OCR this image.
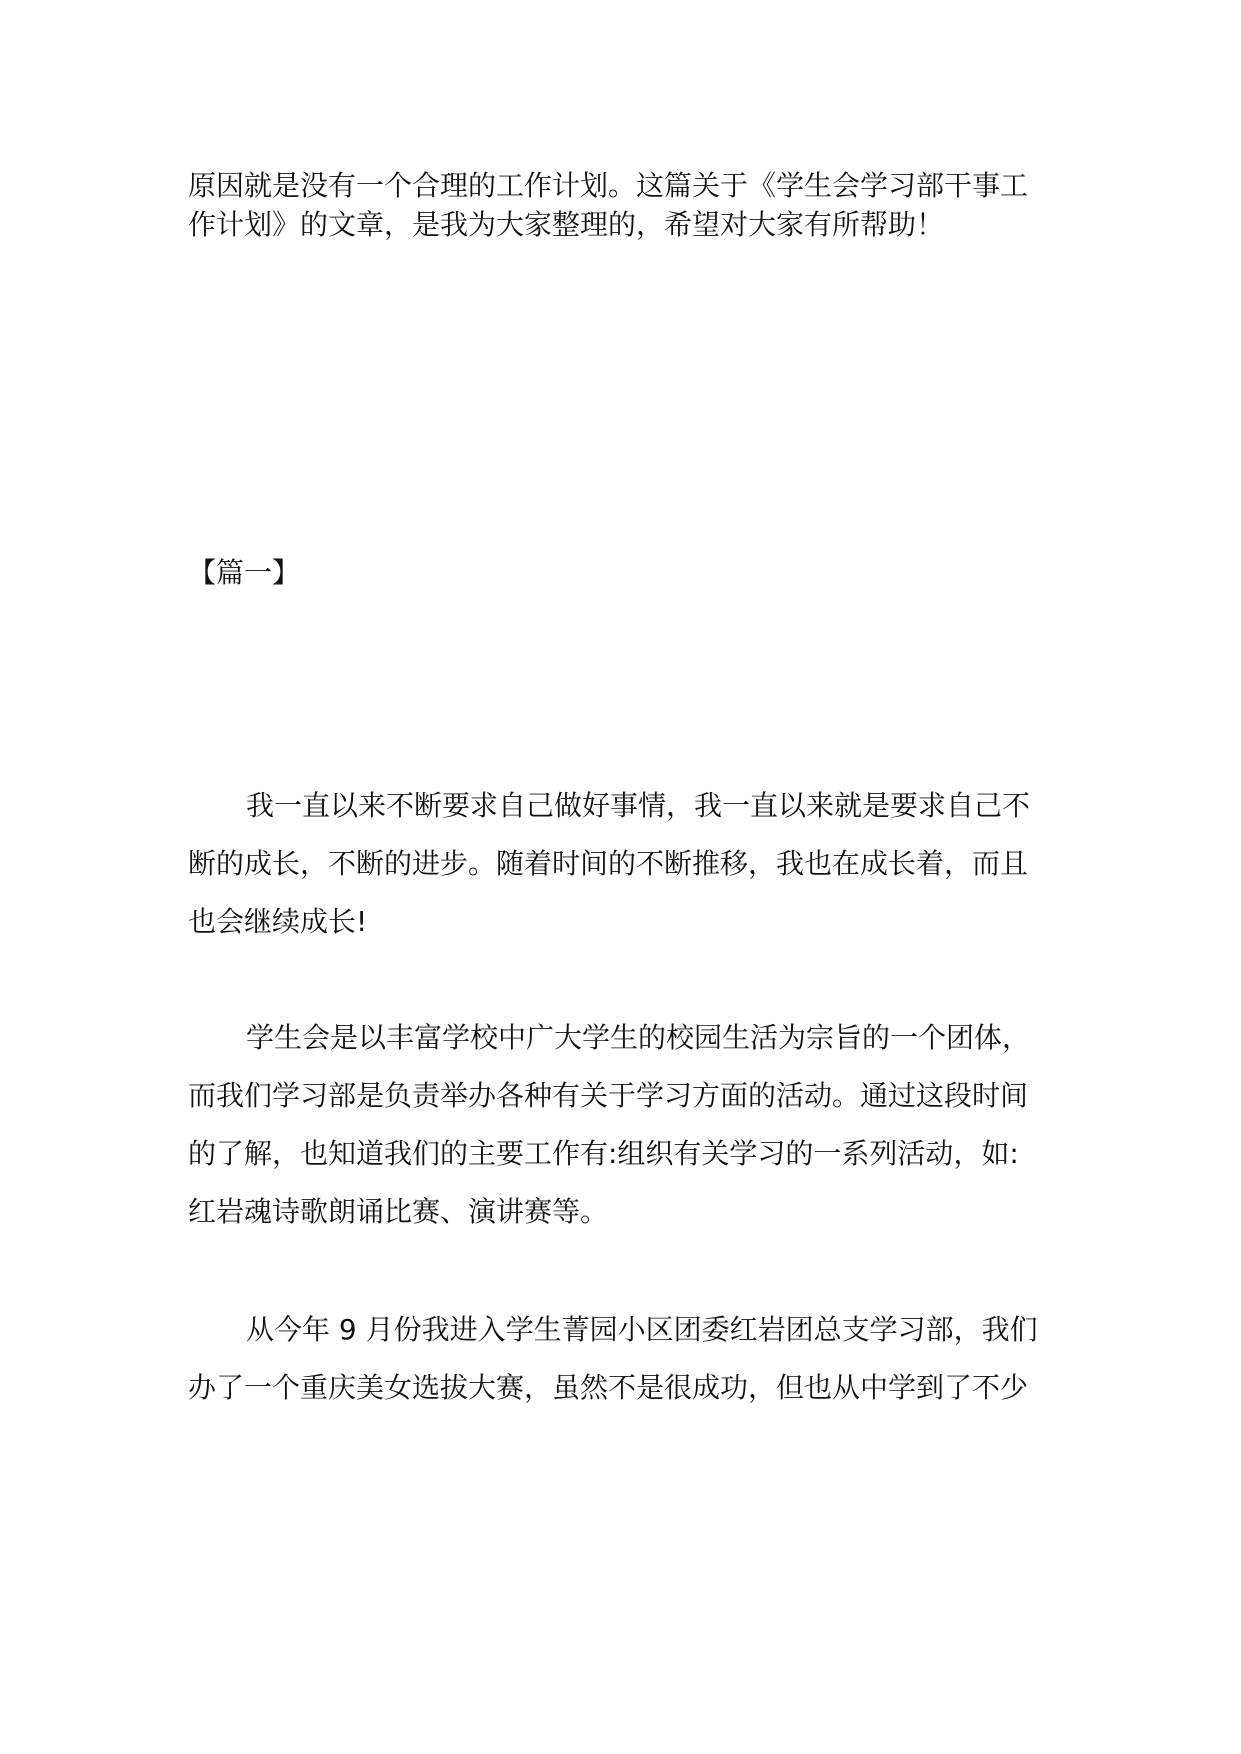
原因就是没有一个合理的工作计划。这篇关于《学生会学习部干事工
作计划》的文章，是我为大家整理的，希望对大家有所帮助！
【篇一】
我一直以来不断要求自己做好事情，我一直以来就是要求自己不
断的成长，不断的进步。随着时间的不断推移，我也在成长着，而且
也会继续成长!
学生会是以丰富学校中广大学生的校园生活为宗旨的一个团体，
而我们学习部是负责举办各种有关于学习方面的活动。通过这段时间
的了解，也知道我们的主要工作有:组织有关学习的一系列活动，如:
红岩魂诗歌朗诵比赛、演讲赛等。
从今年 9 月份我进入学生菁园小区团委红岩团总支学习部，我们
办了一个重庆美女选拔大赛，虽然不是很成功，但也从中学到了不少
